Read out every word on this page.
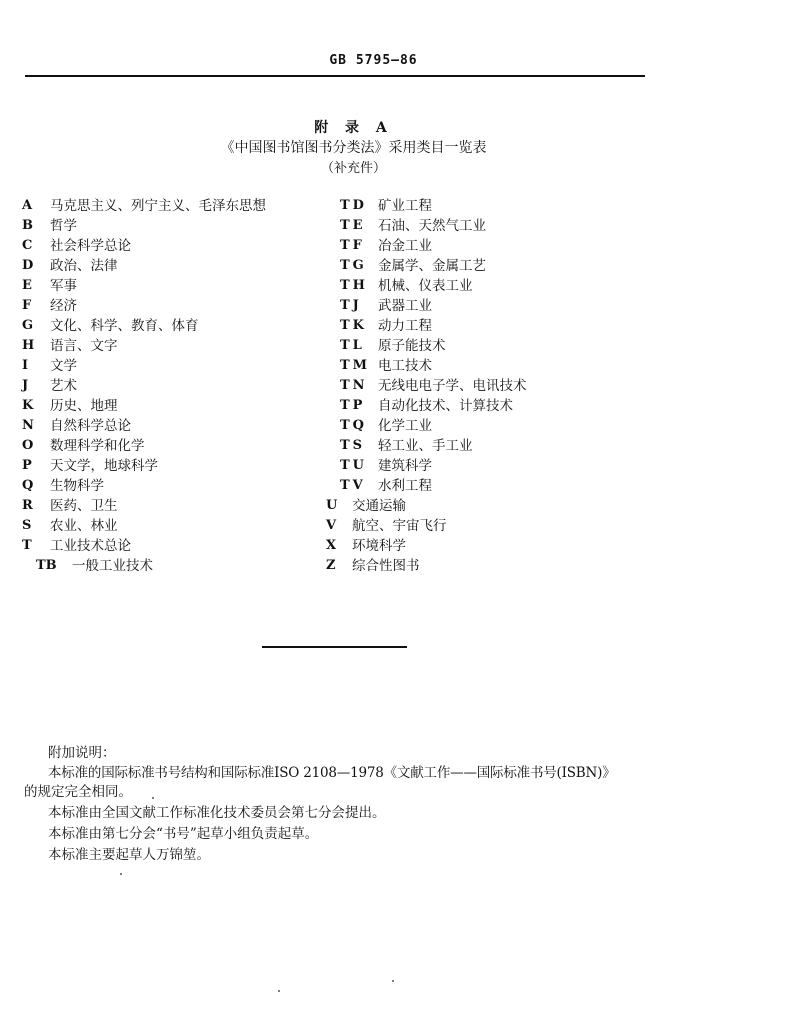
GB 5795—86
附 录 A
《中国图书馆图书分类法》采用类目一览表
（补充件）
A	马克思主义、列宁主义、毛泽东思想
B	哲学
C	社会科学总论
D	政治、法律
E	军事
F	经济
G	文化、科学、教育、体育
H	语言、文字
I	文学
J	艺术
K	历史、地理
N	自然科学总论
O	数理科学和化学
P	天文学，地球科学
Q	生物科学
R	医药、卫生
S	农业、林业
T	工业技术总论
TB 一般工业技术
TD 矿业工程
TE 石油、天然气工业
TF 冶金工业
TG 金属学、金属工艺
TH 机械、仪表工业
TJ	武器工业
TK 动力工程
TL 原子能技术
TM 电工技术
TN 无线电电子学、电讯技术
TP 自动化技术、计算技术
TQ 化学工业
TS 轻工业、手工业
TU 建筑科学
TV 水利工程
U	交通运输
V	航空、宇宙飞行
X	环境科学
Z	综合性图书
附加说明：
本标准的国际标准书号结构和国际标准ISO 2108—1978《文献工作——国际标准书号(ISBN)》
的规定完全相同。
本标准由全国文献工作标准化技术委员会第七分会提出。
本标准由第七分会“书号”起草小组负责起草。
本标准主要起草人万锦堃。
